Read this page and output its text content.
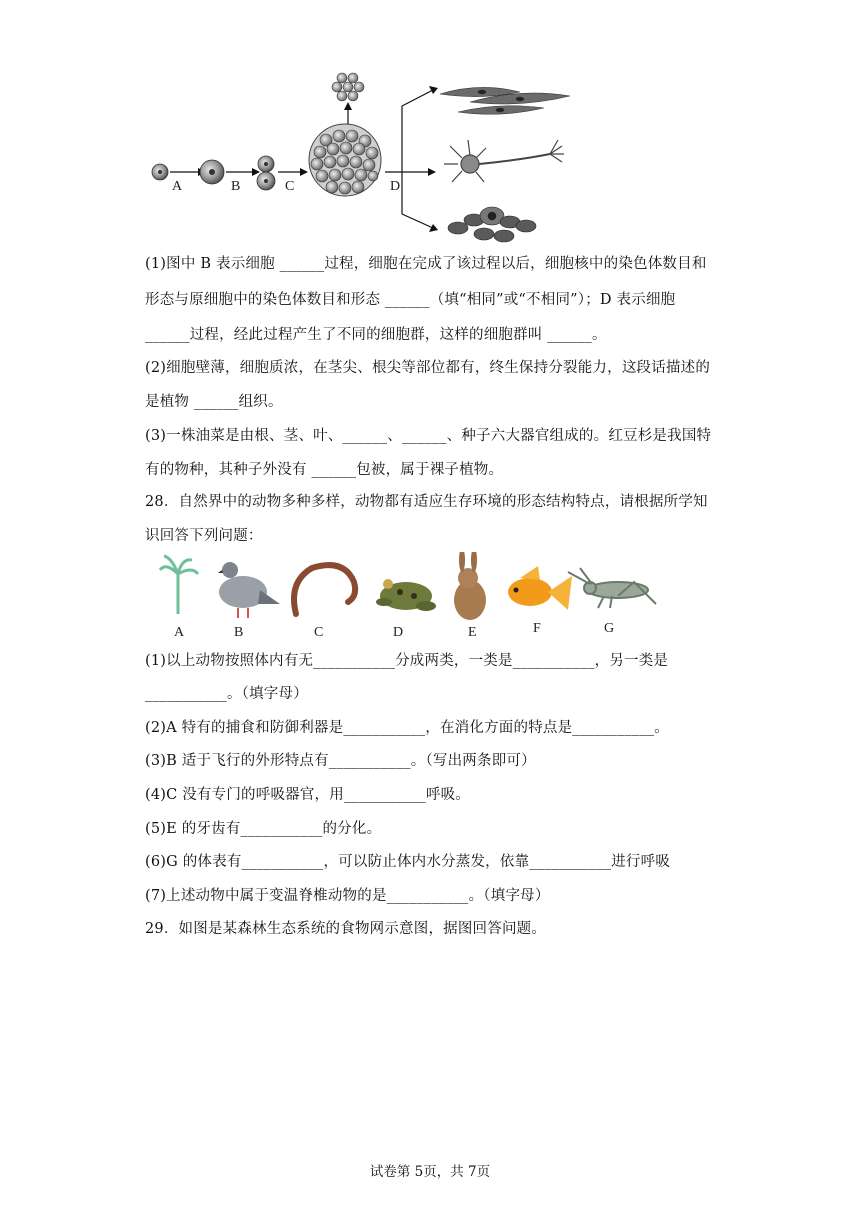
A	B	C	D
(1)图中 B 表示细胞 ______过程，细胞在完成了该过程以后，细胞核中的染色体数目和
形态与原细胞中的染色体数目和形态 ______（填“相同”或“不相同”）；D 表示细胞
______过程，经此过程产生了不同的细胞群，这样的细胞群叫 ______。
(2)细胞壁薄，细胞质浓，在茎尖、根尖等部位都有，终生保持分裂能力，这段话描述的
是植物 ______组织。
(3)一株油菜是由根、茎、叶、______、______、种子六大器官组成的。红豆杉是我国特
有的物种，其种子外没有 ______包被，属于裸子植物。
28．自然界中的动物多种多样，动物都有适应生存环境的形态结构特点，请根据所学知
识回答下列问题：
A	B	C	D	E	F	G
(1)以上动物按照体内有无___________分成两类，一类是___________，另一类是
___________。（填字母）
(2)A 特有的捕食和防御利器是___________，在消化方面的特点是___________。
(3)B 适于飞行的外形特点有___________。（写出两条即可）
(4)C 没有专门的呼吸器官，用___________呼吸。
(5)E 的牙齿有___________的分化。
(6)G 的体表有___________，可以防止体内水分蒸发，依靠___________进行呼吸
(7)上述动物中属于变温脊椎动物的是___________。（填字母）
29．如图是某森林生态系统的食物网示意图，据图回答问题。
试卷第 5页，共 7页
